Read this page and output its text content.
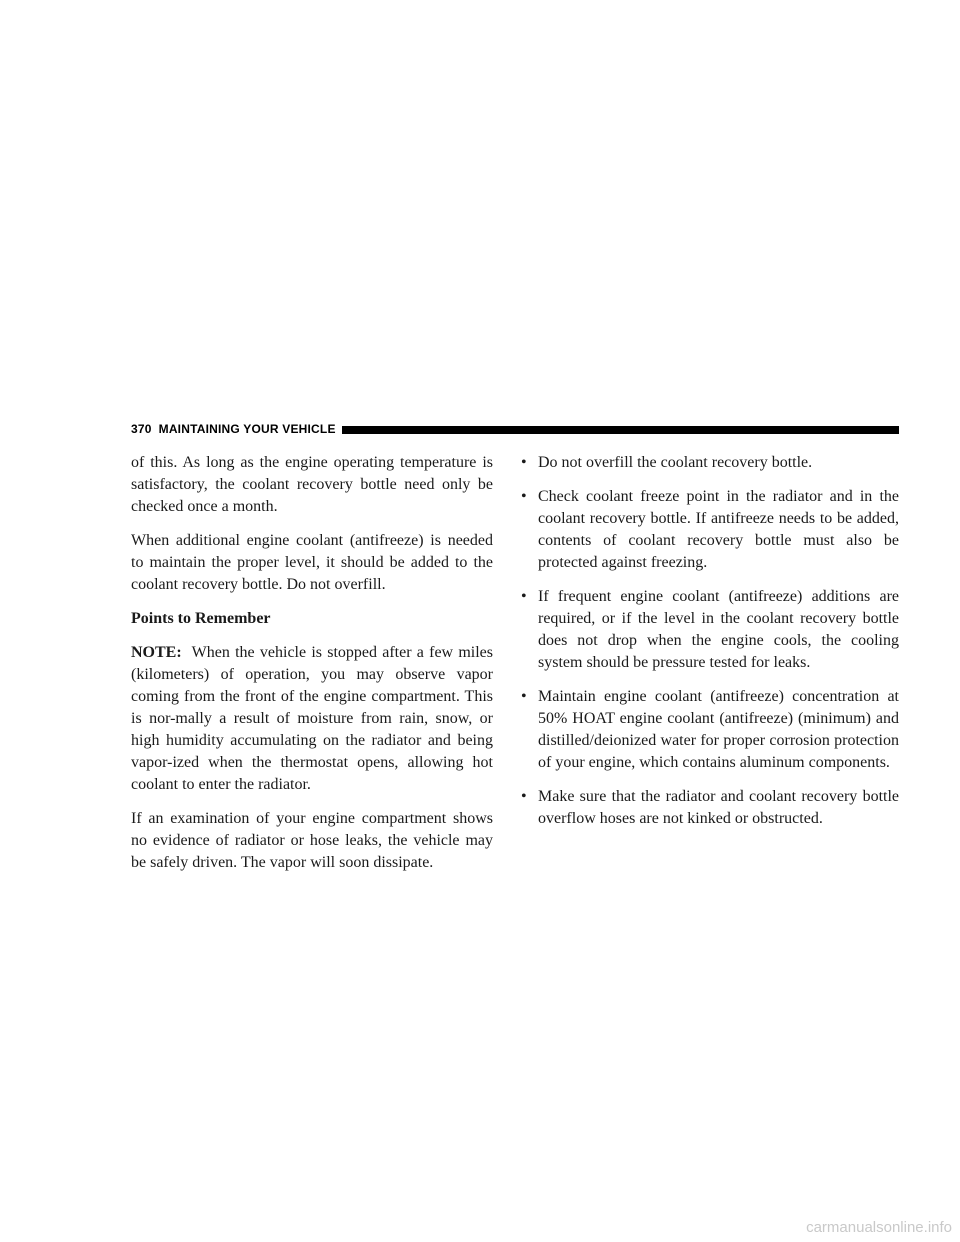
370 MAINTAINING YOUR VEHICLE

of this. As long as the engine operating temperature is satisfactory, the coolant recovery bottle need only be checked once a month.

When additional engine coolant (antifreeze) is needed to maintain the proper level, it should be added to the coolant recovery bottle. Do not overfill.

Points to Remember

NOTE: When the vehicle is stopped after a few miles (kilometers) of operation, you may observe vapor coming from the front of the engine compartment. This is nor-mally a result of moisture from rain, snow, or high humidity accumulating on the radiator and being vapor-ized when the thermostat opens, allowing hot coolant to enter the radiator.

If an examination of your engine compartment shows no evidence of radiator or hose leaks, the vehicle may be safely driven. The vapor will soon dissipate.

• Do not overfill the coolant recovery bottle.
• Check coolant freeze point in the radiator and in the coolant recovery bottle. If antifreeze needs to be added, contents of coolant recovery bottle must also be protected against freezing.
• If frequent engine coolant (antifreeze) additions are required, or if the level in the coolant recovery bottle does not drop when the engine cools, the cooling system should be pressure tested for leaks.
• Maintain engine coolant (antifreeze) concentration at 50% HOAT engine coolant (antifreeze) (minimum) and distilled/deionized water for proper corrosion protection of your engine, which contains aluminum components.
• Make sure that the radiator and coolant recovery bottle overflow hoses are not kinked or obstructed.
carmanualsonline.info
